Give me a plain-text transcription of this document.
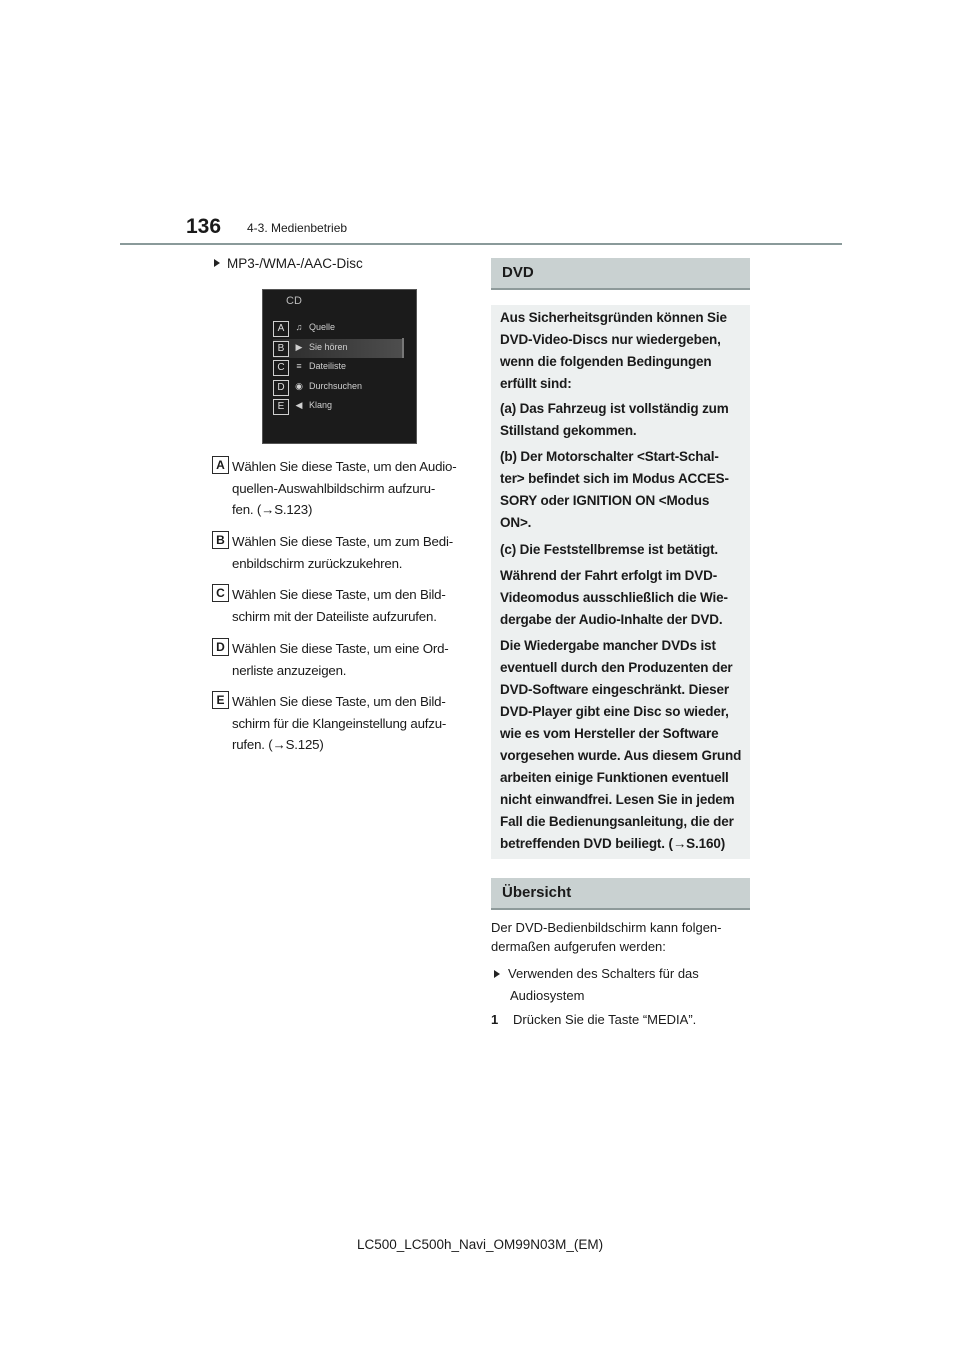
136 4-3. Medienbetrieb
MP3-/WMA-/AAC-Disc
CD
A	♫ Quelle
B	▶ Sie hören
C	≡ Dateiliste
D	◉ Durchsuchen
E	◀ Klang
A Wählen Sie diese Taste, um den Audio-
quellen-Auswahlbildschirm aufzuru-
fen. (→S.123)
B Wählen Sie diese Taste, um zum Bedi-
enbildschirm zurückzukehren.
C Wählen Sie diese Taste, um den Bild-
schirm mit der Dateiliste aufzurufen.
D Wählen Sie diese Taste, um eine Ord-
nerliste anzuzeigen.
E Wählen Sie diese Taste, um den Bild-
schirm für die Klangeinstellung aufzu-
rufen. (→S.125)
DVD
Aus Sicherheitsgründen können Sie
DVD-Video-Discs nur wiedergeben,
wenn die folgenden Bedingungen
erfüllt sind:
(a) Das Fahrzeug ist vollständig zum
Stillstand gekommen.
(b) Der Motorschalter <Start-Schal-
ter> befindet sich im Modus ACCES-
SORY oder IGNITION ON <Modus
ON>.
(c) Die Feststellbremse ist betätigt.
Während der Fahrt erfolgt im DVD-
Videomodus ausschließlich die Wie-
dergabe der Audio-Inhalte der DVD.
Die Wiedergabe mancher DVDs ist
eventuell durch den Produzenten der
DVD-Software eingeschränkt. Dieser
DVD-Player gibt eine Disc so wieder,
wie es vom Hersteller der Software
vorgesehen wurde. Aus diesem Grund
arbeiten einige Funktionen eventuell
nicht einwandfrei. Lesen Sie in jedem
Fall die Bedienungsanleitung, die der
betreffenden DVD beiliegt. (→S.160)
Übersicht
Der DVD-Bedienbildschirm kann folgen-
dermaßen aufgerufen werden:
Verwenden des Schalters für das
Audiosystem
1 Drücken Sie die Taste “MEDIA”.
LC500_LC500h_Navi_OM99N03M_(EM)
